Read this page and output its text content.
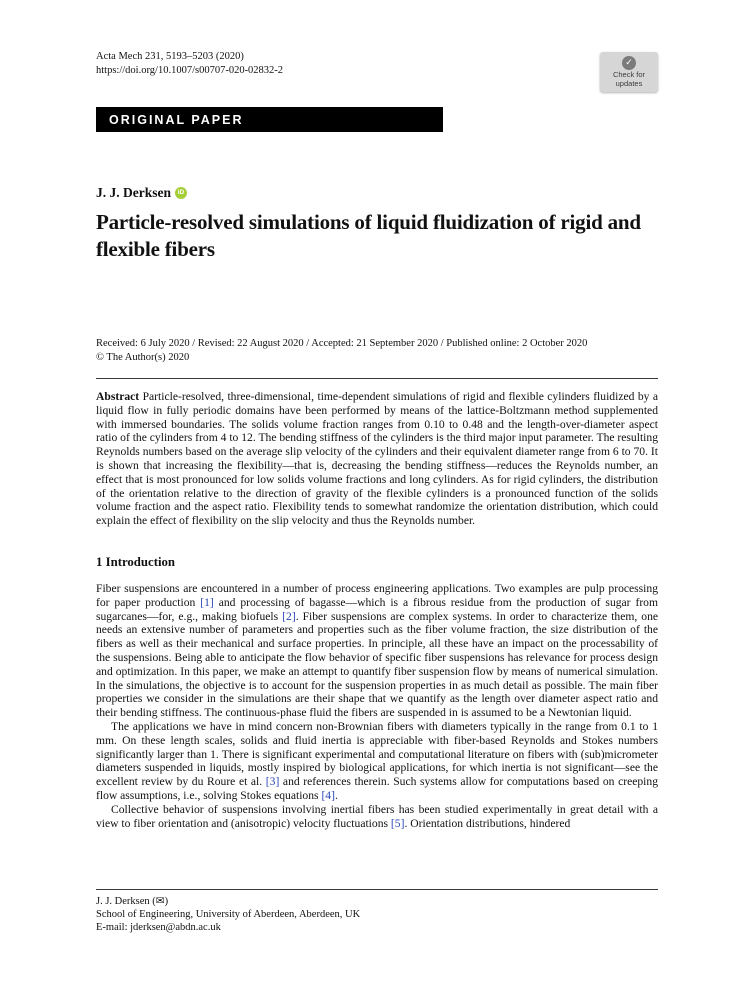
Acta Mech 231, 5193–5203 (2020)
https://doi.org/10.1007/s00707-020-02832-2
✓
Check for
updates
ORIGINAL PAPER
J. J. Derksen	iD
Particle-resolved simulations of liquid fluidization of rigid and flexible fibers
Received: 6 July 2020 / Revised: 22 August 2020 / Accepted: 21 September 2020 / Published online: 2 October 2020
© The Author(s) 2020

Abstract Particle-resolved, three-dimensional, time-dependent simulations of rigid and flexible cylinders fluidized by a liquid flow in fully periodic domains have been performed by means of the lattice-Boltzmann method supplemented with immersed boundaries. The solids volume fraction ranges from 0.10 to 0.48 and the length-over-diameter aspect ratio of the cylinders from 4 to 12. The bending stiffness of the cylinders is the third major input parameter. The resulting Reynolds numbers based on the average slip velocity of the cylinders and their equivalent diameter range from 6 to 70. It is shown that increasing the flexibility—that is, decreasing the bending stiffness—reduces the Reynolds number, an effect that is most pronounced for low solids volume fractions and long cylinders. As for rigid cylinders, the distribution of the orientation relative to the direction of gravity of the flexible cylinders is a pronounced function of the solids volume fraction and the aspect ratio. Flexibility tends to somewhat randomize the orientation distribution, which could explain the effect of flexibility on the slip velocity and thus the Reynolds number.

1 Introduction

Fiber suspensions are encountered in a number of process engineering applications. Two examples are pulp processing for paper production [1] and processing of bagasse—which is a fibrous residue from the production of sugar from sugarcanes—for, e.g., making biofuels [2]. Fiber suspensions are complex systems. In order to characterize them, one needs an extensive number of parameters and properties such as the fiber volume fraction, the size distribution of the fibers as well as their mechanical and surface properties. In principle, all these have an impact on the processability of the suspensions. Being able to anticipate the flow behavior of specific fiber suspensions has relevance for process design and optimization. In this paper, we make an attempt to quantify fiber suspension flow by means of numerical simulation. In the simulations, the objective is to account for the suspension properties in as much detail as possible. The main fiber properties we consider in the simulations are their shape that we quantify as the length over diameter aspect ratio and their bending stiffness. The continuous-phase fluid the fibers are suspended in is assumed to be a Newtonian liquid.

The applications we have in mind concern non-Brownian fibers with diameters typically in the range from 0.1 to 1 mm. On these length scales, solids and fluid inertia is appreciable with fiber-based Reynolds and Stokes numbers significantly larger than 1. There is significant experimental and computational literature on fibers with (sub)micrometer diameters suspended in liquids, mostly inspired by biological applications, for which inertia is not significant—see the excellent review by du Roure et al. [3] and references therein. Such systems allow for computations based on creeping flow assumptions, i.e., solving Stokes equations [4].

Collective behavior of suspensions involving inertial fibers has been studied experimentally in great detail with a view to fiber orientation and (anisotropic) velocity fluctuations [5]. Orientation distributions, hindered

J. J. Derksen (✉)
School of Engineering, University of Aberdeen, Aberdeen, UK
E-mail: jderksen@abdn.ac.uk
